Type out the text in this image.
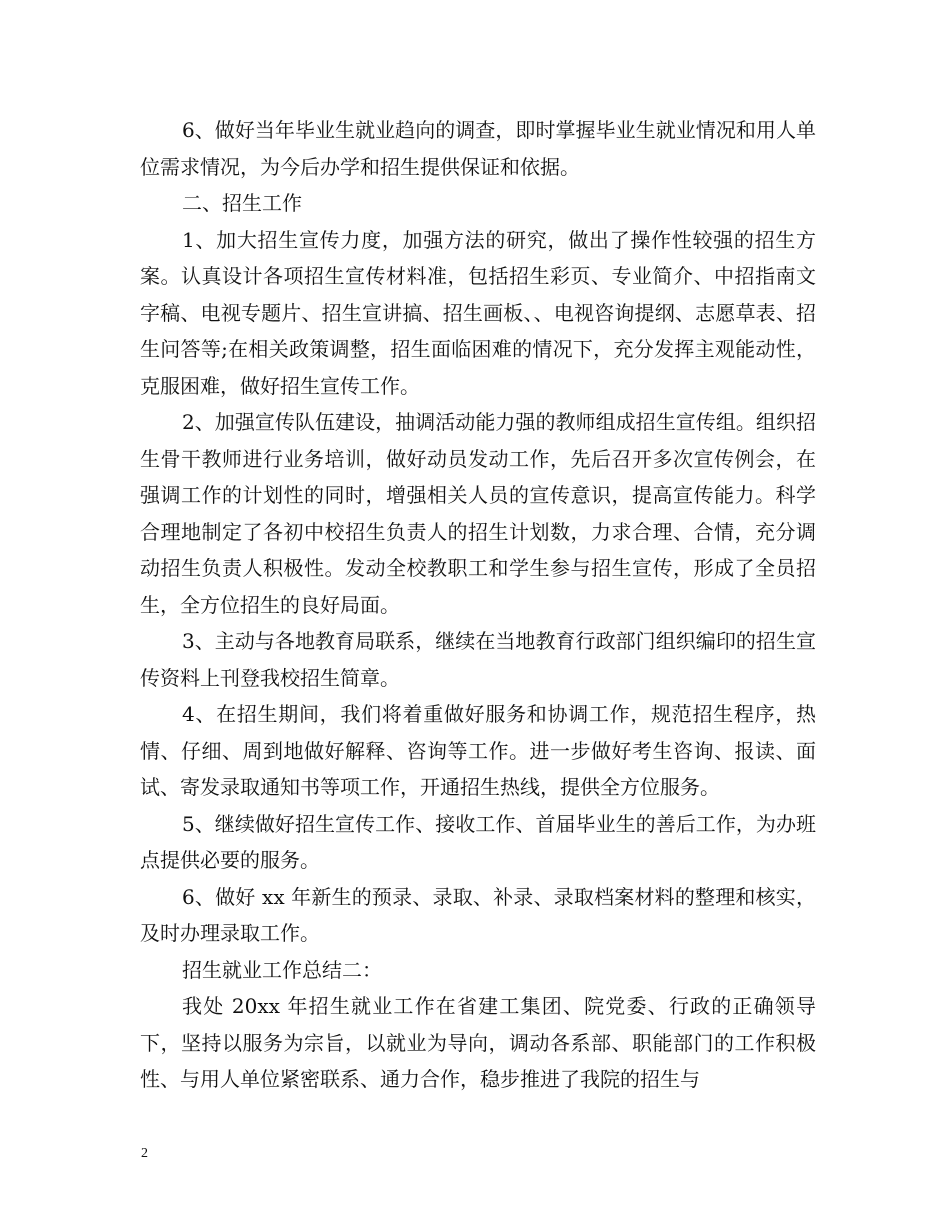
6、做好当年毕业生就业趋向的调查，即时掌握毕业生就业情况和用人单位需求情况，为今后办学和招生提供保证和依据。

二、招生工作

1、加大招生宣传力度，加强方法的研究，做出了操作性较强的招生方案。认真设计各项招生宣传材料准，包括招生彩页、专业简介、中招指南文字稿、电视专题片、招生宣讲搞、招生画板、、电视咨询提纲、志愿草表、招生问答等;在相关政策调整，招生面临困难的情况下，充分发挥主观能动性，克服困难，做好招生宣传工作。

2、加强宣传队伍建设，抽调活动能力强的教师组成招生宣传组。组织招生骨干教师进行业务培训，做好动员发动工作，先后召开多次宣传例会，在强调工作的计划性的同时，增强相关人员的宣传意识，提高宣传能力。科学合理地制定了各初中校招生负责人的招生计划数，力求合理、合情，充分调动招生负责人积极性。发动全校教职工和学生参与招生宣传，形成了全员招生，全方位招生的良好局面。

3、主动与各地教育局联系，继续在当地教育行政部门组织编印的招生宣传资料上刊登我校招生简章。

4、在招生期间，我们将着重做好服务和协调工作，规范招生程序，热情、仔细、周到地做好解释、咨询等工作。进一步做好考生咨询、报读、面试、寄发录取通知书等项工作，开通招生热线，提供全方位服务。

5、继续做好招生宣传工作、接收工作、首届毕业生的善后工作，为办班点提供必要的服务。

6、做好 xx 年新生的预录、录取、补录、录取档案材料的整理和核实，及时办理录取工作。

招生就业工作总结二：

我处 20xx 年招生就业工作在省建工集团、院党委、行政的正确领导下，坚持以服务为宗旨，以就业为导向，调动各系部、职能部门的工作积极性、与用人单位紧密联系、通力合作，稳步推进了我院的招生与

2
